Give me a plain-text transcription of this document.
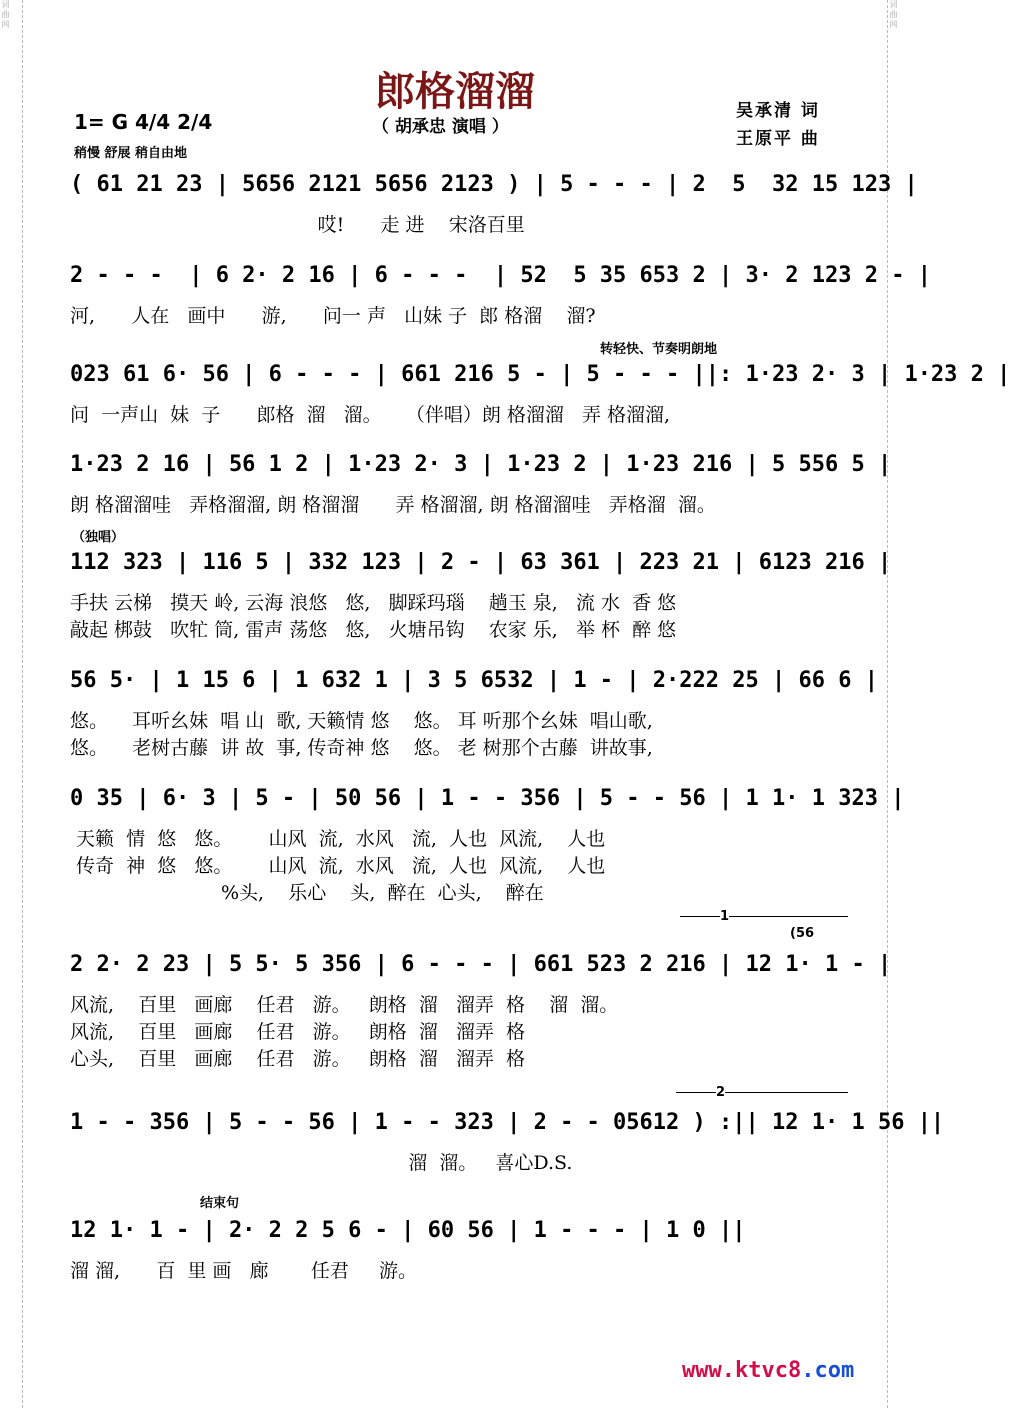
词曲网	词曲网
郎格溜溜
（ 胡承忠 演唱 ）
吴承清 词
王原平 曲
1= G 4/4 2/4
稍慢 舒展 稍自由地
转轻快、节奏明朗地
（独唱）
结束句
(56
1
2
( 61 21 23 | 5656 2121 5656 2123 ) | 5 - - - | 2  5  32 15 123 |
哎!      走 进    宋洛百里
2 - - -  | 6 2· 2 16 | 6 - - -  | 52  5 35 653 2 | 3· 2 123 2 - |
河,      人在   画中      游,      问一 声   山妹 子  郎 格溜    溜?
023 61 6· 56 | 6 - - - | 661 216 5 - | 5 - - - ||: 1·23 2· 3 | 1·23 2 |
问  一声山  妹  子      郎格  溜   溜。    （伴唱）朗 格溜溜   弄 格溜溜,
1·23 2 16 | 56 1 2 | 1·23 2· 3 | 1·23 2 | 1·23 216 | 5 556 5 |
朗 格溜溜哇   弄格溜溜, 朗 格溜溜      弄 格溜溜, 朗 格溜溜哇   弄格溜  溜。
112 323 | 116 5 | 332 123 | 2 - | 63 361 | 223 21 | 6123 216 |
手扶 云梯   摸天 岭, 云海 浪悠   悠,   脚踩玛瑙    趟玉 泉,   流 水  香 悠
敲起 梆鼓   吹牤 筒, 雷声 荡悠   悠,   火塘吊钩    农家 乐,   举 杯  醉 悠
56 5· | 1 15 6 | 1 632 1 | 3 5 6532 | 1 - | 2·222 25 | 66 6 |
悠。    耳听幺妹  唱 山  歌, 天籁情 悠    悠。 耳 听那个幺妹  唱山歌,
悠。    老树古藤  讲 故  事, 传奇神 悠    悠。 老 树那个古藤  讲故事,
0 35 | 6· 3 | 5 - | 50 56 | 1 - - 356 | 5 - - 56 | 1 1· 1 323 |
天籁  情  悠   悠。      山风  流,  水风   流,  人也  风流,    人也
传奇  神  悠   悠。      山风  流,  水风   流,  人也  风流,    人也
%头,    乐心    头,  醉在  心头,    醉在
2 2· 2 23 | 5 5· 5 356 | 6 - - - | 661 523 2 216 | 12 1· 1 - |
风流,    百里   画廊    任君   游。   朗格  溜   溜弄  格    溜  溜。
风流,    百里   画廊    任君   游。   朗格  溜   溜弄  格
心头,    百里   画廊    任君   游。   朗格  溜   溜弄  格
1 - - 356 | 5 - - 56 | 1 - - 323 | 2 - - 05612 ) :|| 12 1· 1 56 ||
溜  溜。   喜心D.S.
12 1· 1 - | 2· 2 2 5 6 - | 60 56 | 1 - - - | 1 0 ||
溜 溜,      百  里 画   廊       任君     游。
www.ktvc8.com
